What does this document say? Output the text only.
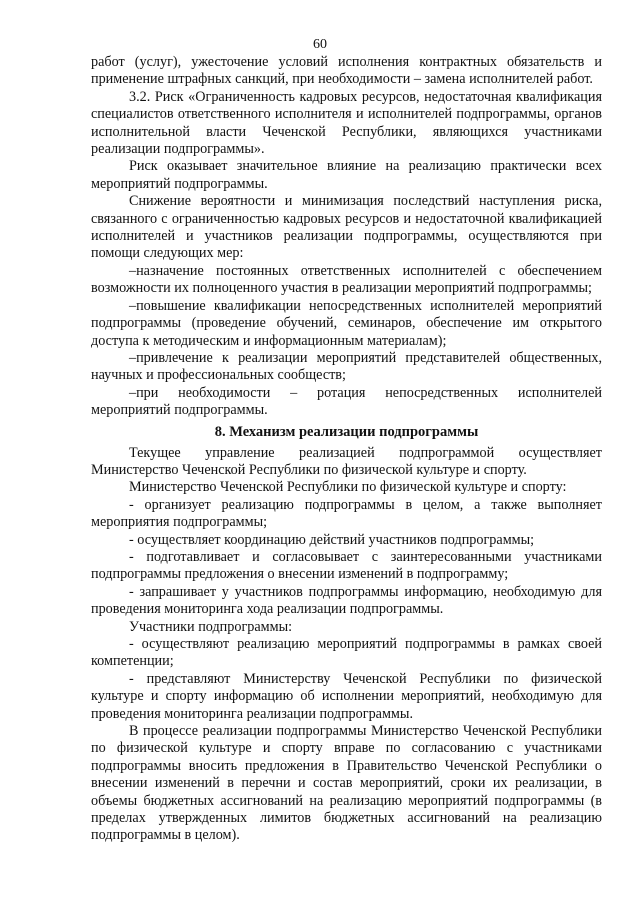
60

работ (услуг), ужесточение условий исполнения контрактных обязательств и применение штрафных санкций, при необходимости – замена исполнителей работ.

3.2. Риск «Ограниченность кадровых ресурсов, недостаточная квалификация специалистов ответственного исполнителя и исполнителей подпрограммы, органов исполнительной власти Чеченской Республики, являющихся участниками реализации подпрограммы».

Риск оказывает значительное влияние на реализацию практически всех мероприятий подпрограммы.

Снижение вероятности и минимизация последствий наступления риска, связанного с ограниченностью кадровых ресурсов и недостаточной квалификацией исполнителей и участников реализации подпрограммы, осуществляются при помощи следующих мер:

–назначение постоянных ответственных исполнителей с обеспечением возможности их полноценного участия в реализации мероприятий подпрограммы;

–повышение квалификации непосредственных исполнителей мероприятий подпрограммы (проведение обучений, семинаров, обеспечение им открытого доступа к методическим и информационным материалам);

–привлечение к реализации мероприятий представителей общественных, научных и профессиональных сообществ;

–при необходимости – ротация непосредственных исполнителей мероприятий подпрограммы.

8. Механизм реализации подпрограммы

Текущее управление реализацией подпрограммой осуществляет Министерство Чеченской Республики по физической культуре и спорту.

Министерство Чеченской Республики по физической культуре и спорту:

- организует реализацию подпрограммы в целом, а также выполняет мероприятия подпрограммы;

- осуществляет координацию действий участников подпрограммы;

- подготавливает и согласовывает с заинтересованными участниками подпрограммы предложения о внесении изменений в подпрограмму;

- запрашивает у участников подпрограммы информацию, необходимую для проведения мониторинга хода реализации подпрограммы.

Участники подпрограммы:

- осуществляют реализацию мероприятий подпрограммы в рамках своей компетенции;

- представляют Министерству Чеченской Республики по физической культуре и спорту информацию об исполнении мероприятий, необходимую для проведения мониторинга реализации подпрограммы.

В процессе реализации подпрограммы Министерство Чеченской Республики по физической культуре и спорту вправе по согласованию с участниками подпрограммы вносить предложения в Правительство Чеченской Республики о внесении изменений в перечни и состав мероприятий, сроки их реализации, в объемы бюджетных ассигнований на реализацию мероприятий подпрограммы (в пределах утвержденных лимитов бюджетных ассигнований на реализацию подпрограммы в целом).
